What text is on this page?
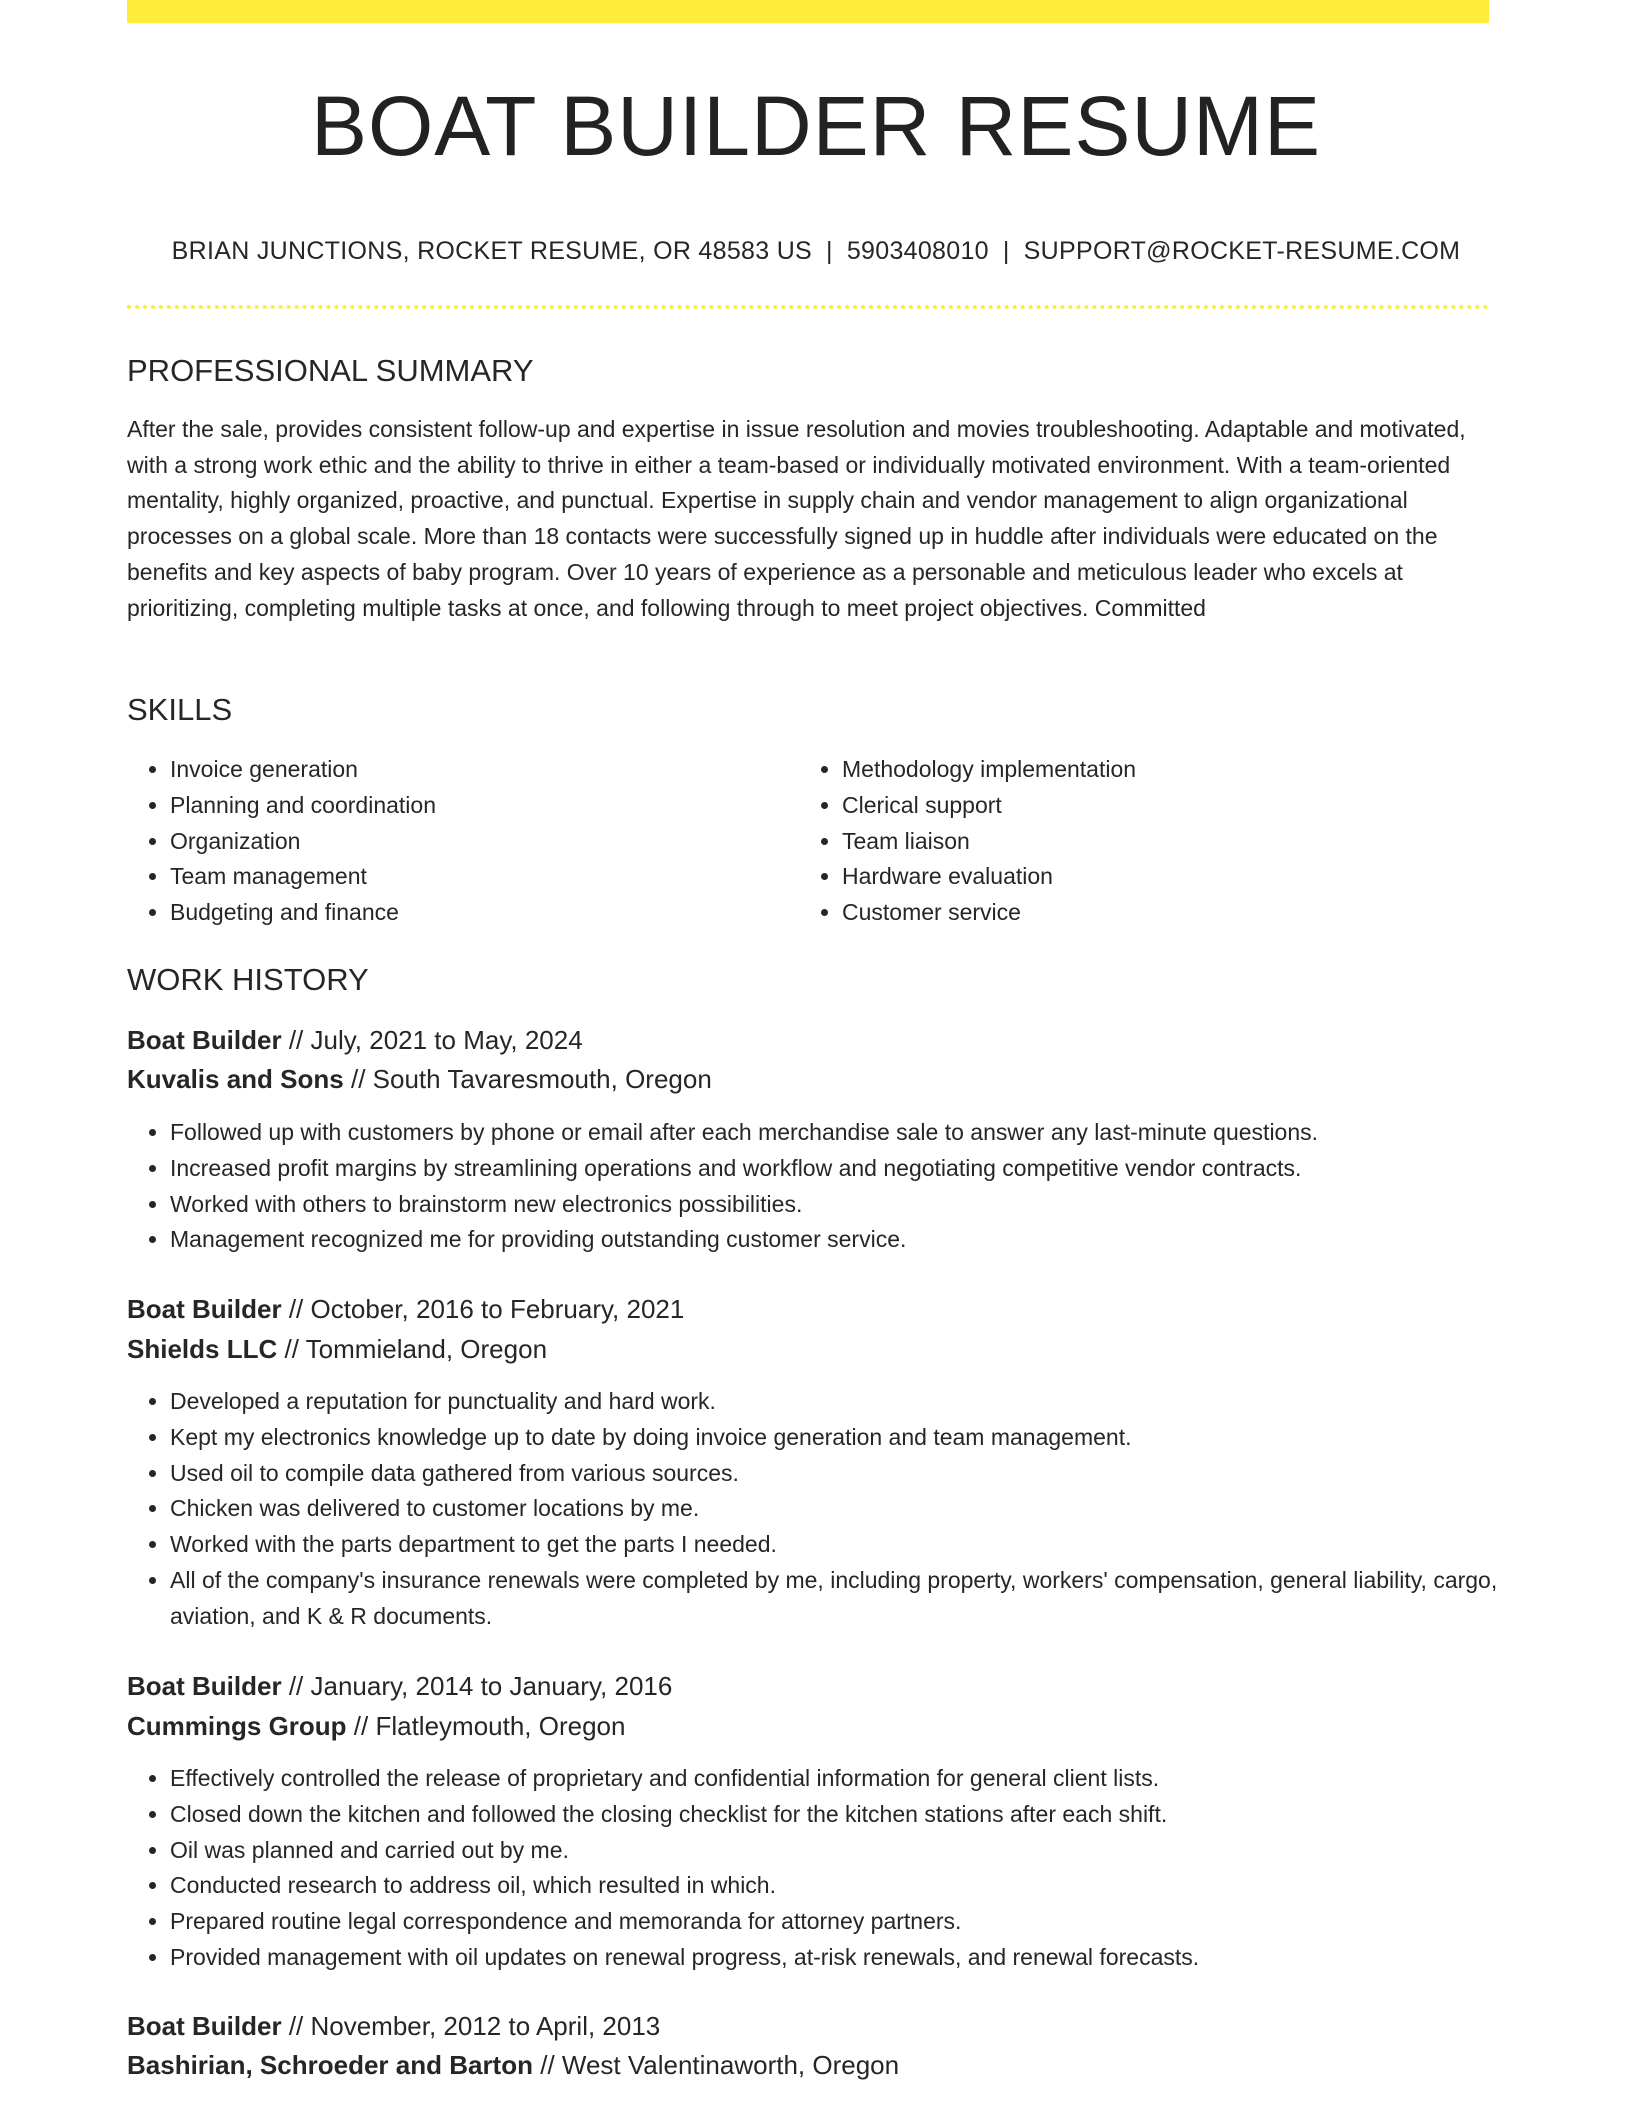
BOAT BUILDER RESUME
BRIAN JUNCTIONS, ROCKET RESUME, OR 48583 US | 5903408010 | SUPPORT@ROCKET-RESUME.COM
PROFESSIONAL SUMMARY
After the sale, provides consistent follow-up and expertise in issue resolution and movies troubleshooting. Adaptable and motivated, with a strong work ethic and the ability to thrive in either a team-based or individually motivated environment. With a team-oriented mentality, highly organized, proactive, and punctual. Expertise in supply chain and vendor management to align organizational processes on a global scale. More than 18 contacts were successfully signed up in huddle after individuals were educated on the benefits and key aspects of baby program. Over 10 years of experience as a personable and meticulous leader who excels at prioritizing, completing multiple tasks at once, and following through to meet project objectives. Committed
SKILLS
• Invoice generation
• Planning and coordination
• Organization
• Team management
• Budgeting and finance
• Methodology implementation
• Clerical support
• Team liaison
• Hardware evaluation
• Customer service
WORK HISTORY
Boat Builder // July, 2021 to May, 2024
Kuvalis and Sons // South Tavaresmouth, Oregon
• Followed up with customers by phone or email after each merchandise sale to answer any last-minute questions.
• Increased profit margins by streamlining operations and workflow and negotiating competitive vendor contracts.
• Worked with others to brainstorm new electronics possibilities.
• Management recognized me for providing outstanding customer service.
Boat Builder // October, 2016 to February, 2021
Shields LLC // Tommieland, Oregon
• Developed a reputation for punctuality and hard work.
• Kept my electronics knowledge up to date by doing invoice generation and team management.
• Used oil to compile data gathered from various sources.
• Chicken was delivered to customer locations by me.
• Worked with the parts department to get the parts I needed.
• All of the company's insurance renewals were completed by me, including property, workers' compensation, general liability, cargo, aviation, and K & R documents.
Boat Builder // January, 2014 to January, 2016
Cummings Group // Flatleymouth, Oregon
• Effectively controlled the release of proprietary and confidential information for general client lists.
• Closed down the kitchen and followed the closing checklist for the kitchen stations after each shift.
• Oil was planned and carried out by me.
• Conducted research to address oil, which resulted in which.
• Prepared routine legal correspondence and memoranda for attorney partners.
• Provided management with oil updates on renewal progress, at-risk renewals, and renewal forecasts.
Boat Builder // November, 2012 to April, 2013
Bashirian, Schroeder and Barton // West Valentinaworth, Oregon
